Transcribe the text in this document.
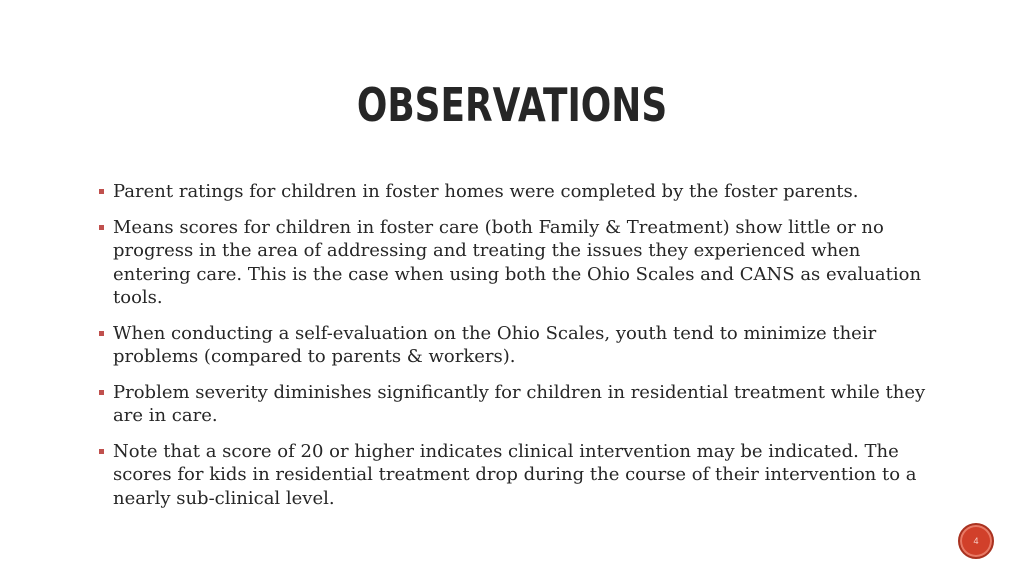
OBSERVATIONS
Parent ratings for children in foster homes were completed by the foster parents.
Means scores for children in foster care (both Family & Treatment) show little or no progress in the area of addressing and treating the issues they experienced when entering care. This is the case when using both the Ohio Scales and CANS as evaluation tools.
When conducting a self-evaluation on the Ohio Scales, youth tend to minimize their problems (compared to parents & workers).
Problem severity diminishes significantly for children in residential treatment while they are in care.
Note that a score of 20 or higher indicates clinical intervention may be indicated. The scores for kids in residential treatment drop during the course of their intervention to a nearly sub-clinical level.
4
